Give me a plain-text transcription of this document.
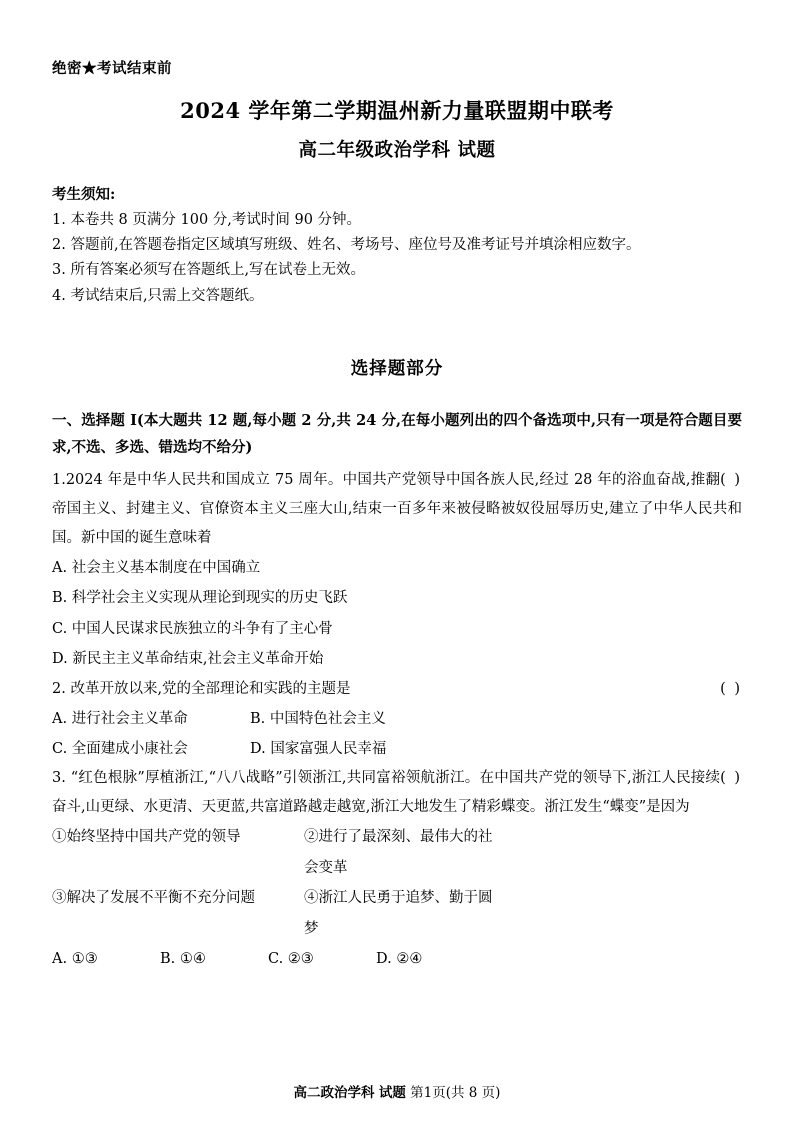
绝密★考试结束前
2024 学年第二学期温州新力量联盟期中联考
高二年级政治学科 试题
考生须知:
1. 本卷共 8 页满分 100 分,考试时间 90 分钟。
2. 答题前,在答题卷指定区域填写班级、姓名、考场号、座位号及准考证号并填涂相应数字。
3. 所有答案必须写在答题纸上,写在试卷上无效。
4. 考试结束后,只需上交答题纸。
选择题部分
一、选择题 I(本大题共 12 题,每小题 2 分,共 24 分,在每小题列出的四个备选项中,只有一项是符合题目要求,不选、多选、错选均不给分)
( )
1.2024 年是中华人民共和国成立 75 周年。中国共产党领导中国各族人民,经过 28 年的浴血奋战,推翻帝国主义、封建主义、官僚资本主义三座大山,结束一百多年来被侵略被奴役屈辱历史,建立了中华人民共和国。新中国的诞生意味着
A. 社会主义基本制度在中国确立
B. 科学社会主义实现从理论到现实的历史飞跃
C. 中国人民谋求民族独立的斗争有了主心骨
D. 新民主主义革命结束,社会主义革命开始
( )
2. 改革开放以来,党的全部理论和实践的主题是
A. 进行社会主义革命	B. 中国特色社会主义
C. 全面建成小康社会	D. 国家富强人民幸福
( )
3. “红色根脉”厚植浙江,“八八战略”引领浙江,共同富裕领航浙江。在中国共产党的领导下,浙江人民接续奋斗,山更绿、水更清、天更蓝,共富道路越走越宽,浙江大地发生了精彩蝶变。浙江发生“蝶变”是因为
①始终坚持中国共产党的领导	②进行了最深刻、最伟大的社会变革
③解决了发展不平衡不充分问题	④浙江人民勇于追梦、勤于圆梦
A. ①③	B. ①④	C. ②③	D. ②④
高二政治学科 试题 第1页(共 8 页)
